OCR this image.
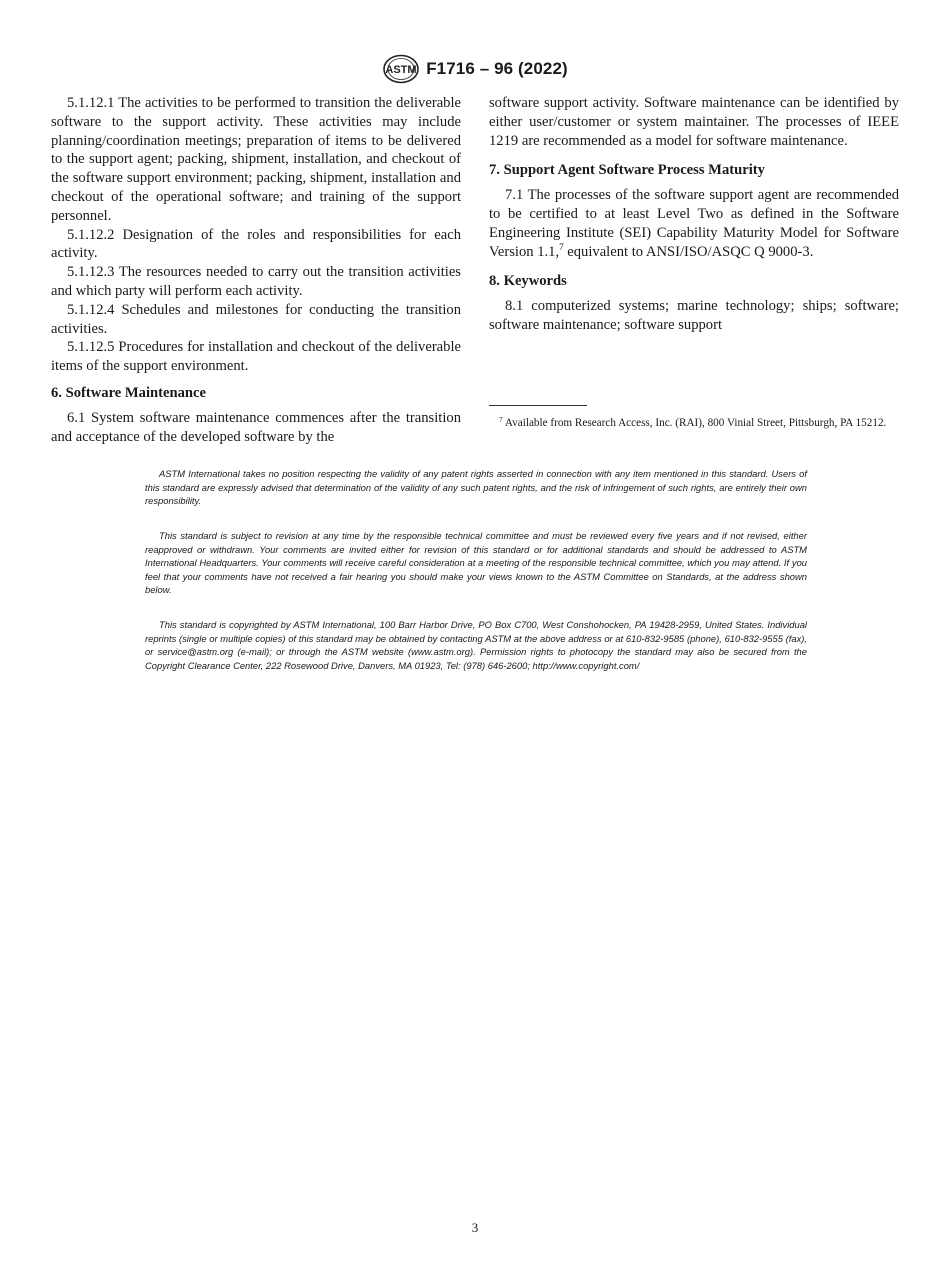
ASTM F1716 – 96 (2022)

5.1.12.1 The activities to be performed to transition the deliverable software to the support activity. These activities may include planning/coordination meetings; preparation of items to be delivered to the support agent; packing, shipment, installation, and checkout of the software support environment; packing, shipment, installation and checkout of the operational software; and training of the support personnel.

5.1.12.2 Designation of the roles and responsibilities for each activity.

5.1.12.3 The resources needed to carry out the transition activities and which party will perform each activity.

5.1.12.4 Schedules and milestones for conducting the transition activities.

5.1.12.5 Procedures for installation and checkout of the deliverable items of the support environment.

6. Software Maintenance

6.1 System software maintenance commences after the transition and acceptance of the developed software by the

software support activity. Software maintenance can be identified by either user/customer or system maintainer. The processes of IEEE 1219 are recommended as a model for software maintenance.

7. Support Agent Software Process Maturity

7.1 The processes of the software support agent are recommended to be certified to at least Level Two as defined in the Software Engineering Institute (SEI) Capability Maturity Model for Software Version 1.1,$^7$ equivalent to ANSI/ISO/ASQC Q 9000-3.

8. Keywords

8.1 computerized systems; marine technology; ships; software; software maintenance; software support

$^7$ Available from Research Access, Inc. (RAI), 800 Vinial Street, Pittsburgh, PA 15212.

ASTM International takes no position respecting the validity of any patent rights asserted in connection with any item mentioned in this standard. Users of this standard are expressly advised that determination of the validity of any such patent rights, and the risk of infringement of such rights, are entirely their own responsibility.

This standard is subject to revision at any time by the responsible technical committee and must be reviewed every five years and if not revised, either reapproved or withdrawn. Your comments are invited either for revision of this standard or for additional standards and should be addressed to ASTM International Headquarters. Your comments will receive careful consideration at a meeting of the responsible technical committee, which you may attend. If you feel that your comments have not received a fair hearing you should make your views known to the ASTM Committee on Standards, at the address shown below.

This standard is copyrighted by ASTM International, 100 Barr Harbor Drive, PO Box C700, West Conshohocken, PA 19428-2959, United States. Individual reprints (single or multiple copies) of this standard may be obtained by contacting ASTM at the above address or at 610-832-9585 (phone), 610-832-9555 (fax), or service@astm.org (e-mail); or through the ASTM website (www.astm.org). Permission rights to photocopy the standard may also be secured from the Copyright Clearance Center, 222 Rosewood Drive, Danvers, MA 01923, Tel: (978) 646-2600; http://www.copyright.com/

3
